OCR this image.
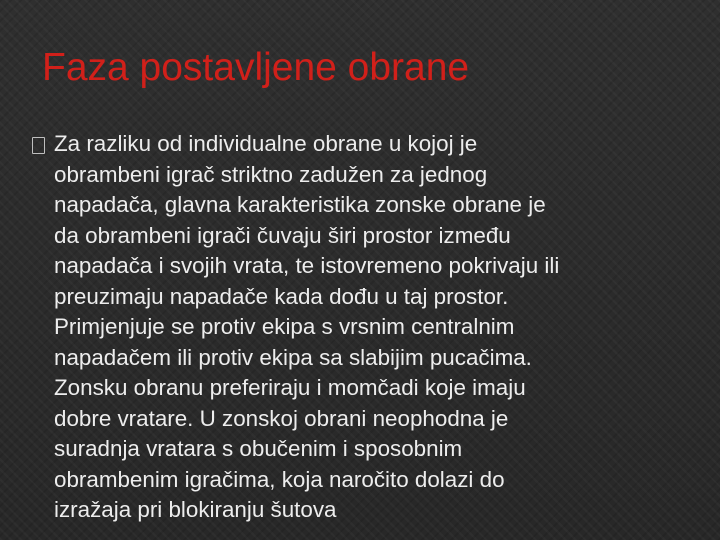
Faza postavljene obrane

Za razliku od individualne obrane u kojoj je
obrambeni igrač striktno zadužen za jednog
napadača, glavna karakteristika zonske obrane je
da obrambeni igrači čuvaju širi prostor između
napadača i svojih vrata, te istovremeno pokrivaju ili
preuzimaju napadače kada dođu u taj prostor.
Primjenjuje se protiv ekipa s vrsnim centralnim
napadačem ili protiv ekipa sa slabijim pucačima.
Zonsku obranu preferiraju i momčadi koje imaju
dobre vratare. U zonskoj obrani neophodna je
suradnja vratara s obučenim i sposobnim
obrambenim igračima, koja naročito dolazi do
izražaja pri blokiranju šutova
